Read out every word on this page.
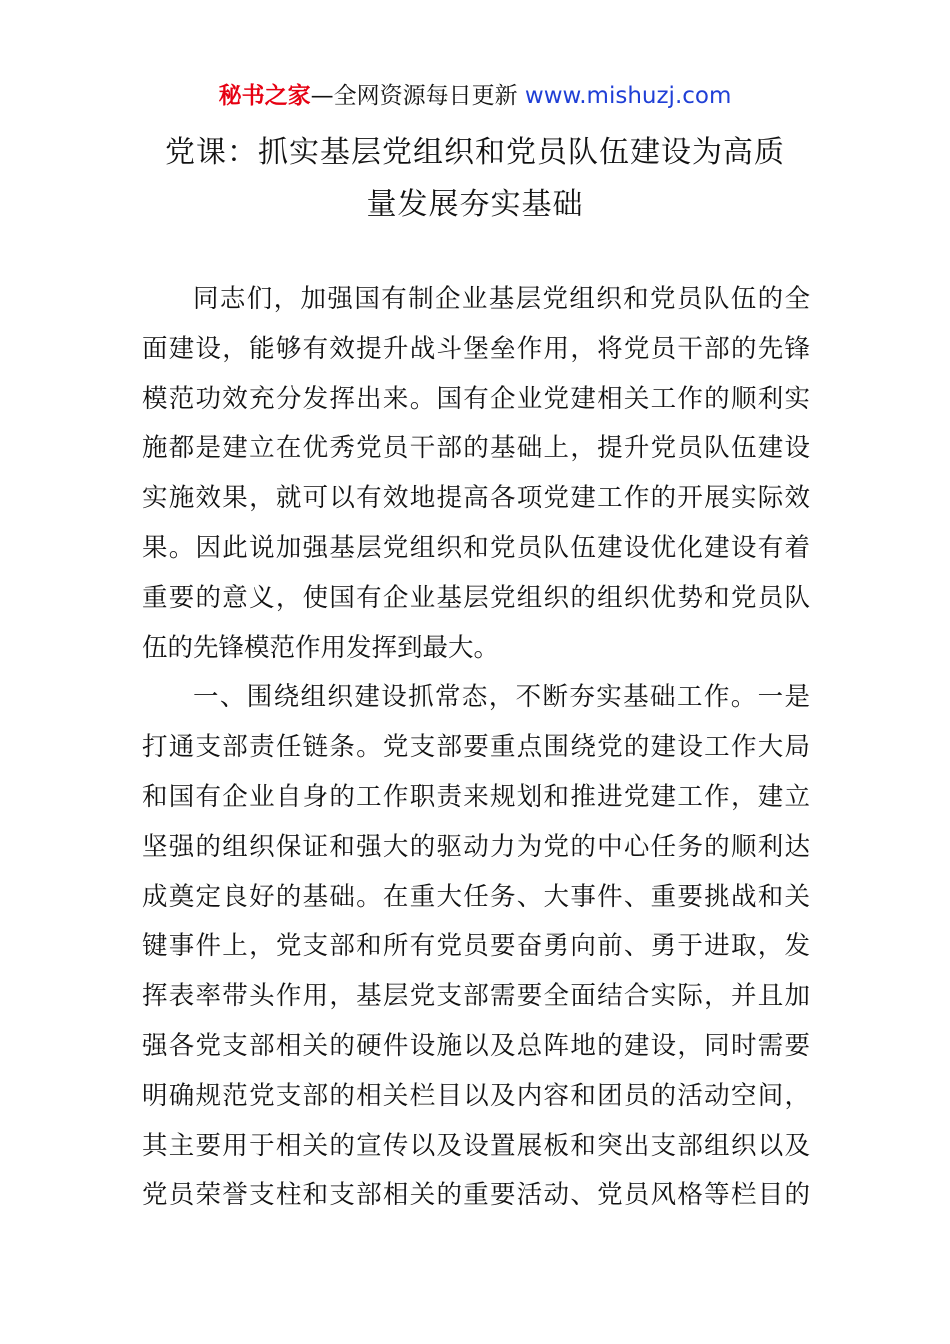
秘书之家—全网资源每日更新 www.mishuzj.com
党课：抓实基层党组织和党员队伍建设为高质
量发展夯实基础
同志们，加强国有制企业基层党组织和党员队伍的全
面建设，能够有效提升战斗堡垒作用，将党员干部的先锋
模范功效充分发挥出来。国有企业党建相关工作的顺利实
施都是建立在优秀党员干部的基础上，提升党员队伍建设
实施效果，就可以有效地提高各项党建工作的开展实际效
果。因此说加强基层党组织和党员队伍建设优化建设有着
重要的意义，使国有企业基层党组织的组织优势和党员队
伍的先锋模范作用发挥到最大。
一、围绕组织建设抓常态，不断夯实基础工作。一是
打通支部责任链条。党支部要重点围绕党的建设工作大局
和国有企业自身的工作职责来规划和推进党建工作，建立
坚强的组织保证和强大的驱动力为党的中心任务的顺利达
成奠定良好的基础。在重大任务、大事件、重要挑战和关
键事件上，党支部和所有党员要奋勇向前、勇于进取，发
挥表率带头作用，基层党支部需要全面结合实际，并且加
强各党支部相关的硬件设施以及总阵地的建设，同时需要
明确规范党支部的相关栏目以及内容和团员的活动空间，
其主要用于相关的宣传以及设置展板和突出支部组织以及
党员荣誉支柱和支部相关的重要活动、党员风格等栏目的
